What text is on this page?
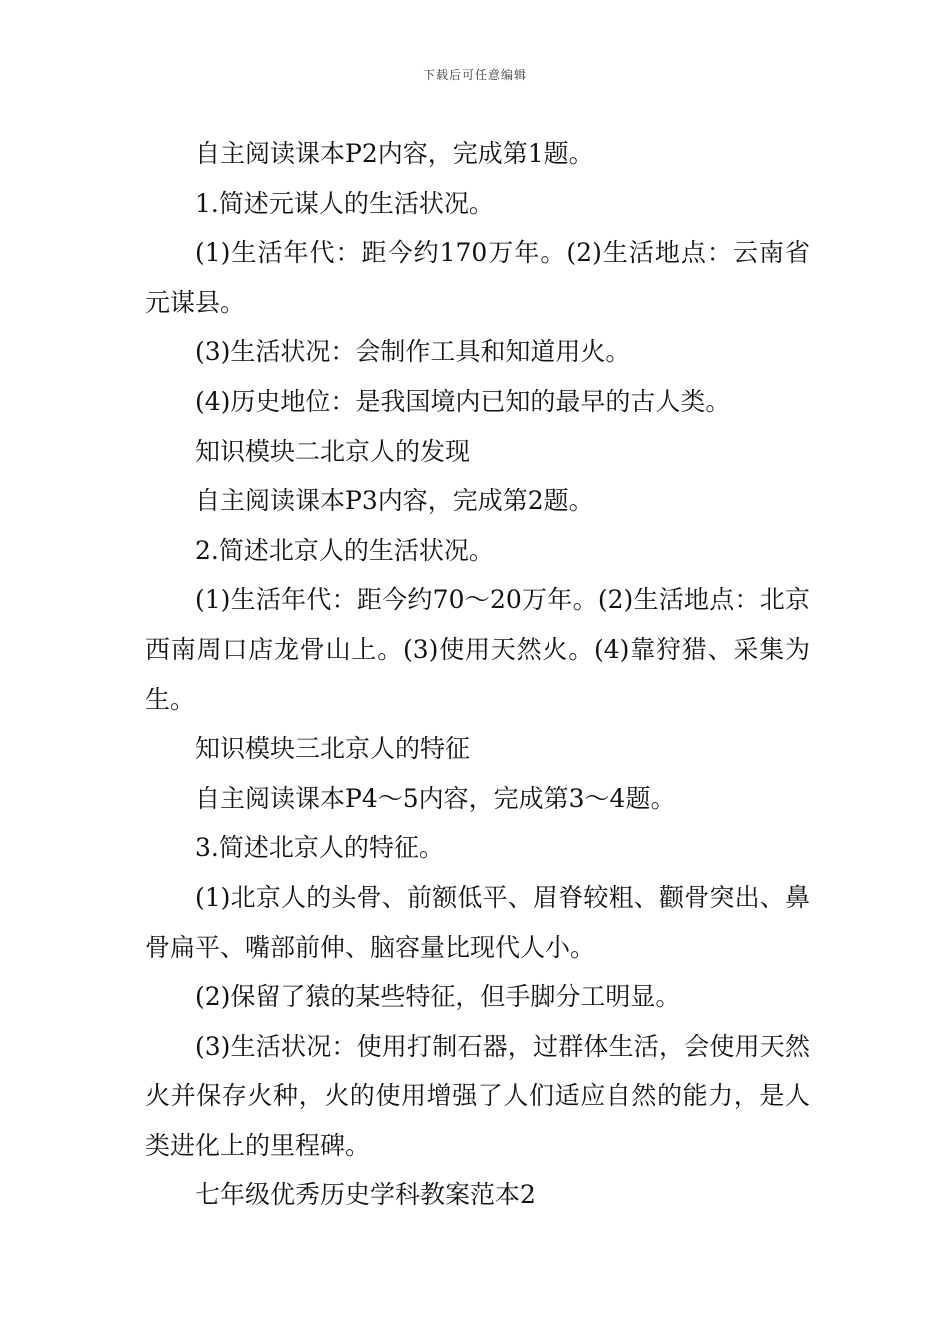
下载后可任意编辑

自主阅读课本P2内容，完成第1题。

1.简述元谋人的生活状况。

(1)生活年代：距今约170万年。(2)生活地点：云南省元谋县。

(3)生活状况：会制作工具和知道用火。

(4)历史地位：是我国境内已知的最早的古人类。

知识模块二北京人的发现

自主阅读课本P3内容，完成第2题。

2.简述北京人的生活状况。

(1)生活年代：距今约70～20万年。(2)生活地点：北京西南周口店龙骨山上。(3)使用天然火。(4)靠狩猎、采集为生。

知识模块三北京人的特征

自主阅读课本P4～5内容，完成第3～4题。

3.简述北京人的特征。

(1)北京人的头骨、前额低平、眉脊较粗、颧骨突出、鼻骨扁平、嘴部前伸、脑容量比现代人小。

(2)保留了猿的某些特征，但手脚分工明显。

(3)生活状况：使用打制石器，过群体生活，会使用天然火并保存火种，火的使用增强了人们适应自然的能力，是人类进化上的里程碑。

七年级优秀历史学科教案范本2
